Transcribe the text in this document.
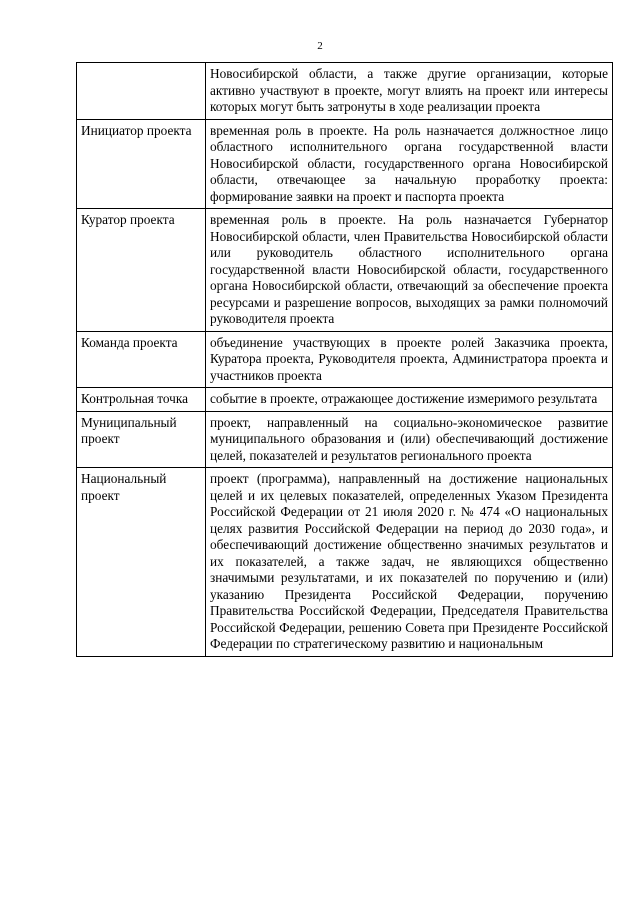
2
	Новосибирской области, а также другие организации, которые активно участвуют в проекте, могут влиять на проект или интересы которых могут быть затронуты в ходе реализации проекта
Инициатор проекта	временная роль в проекте. На роль назначается должностное лицо областного исполнительного органа государственной власти Новосибирской области, государственного органа Новосибирской области, отвечающее за начальную проработку проекта: формирование заявки на проект и паспорта проекта
Куратор проекта	временная роль в проекте. На роль назначается Губернатор Новосибирской области, член Правительства Новосибирской области или руководитель областного исполнительного органа государственной власти Новосибирской области, государственного органа Новосибирской области, отвечающий за обеспечение проекта ресурсами и разрешение вопросов, выходящих за рамки полномочий руководителя проекта
Команда проекта	объединение участвующих в проекте ролей Заказчика проекта, Куратора проекта, Руководителя проекта, Администратора проекта и участников проекта
Контрольная точка	событие в проекте, отражающее достижение измеримого результата
Муниципальный проект	проект, направленный на социально-экономическое развитие муниципального образования и (или) обеспечивающий достижение целей, показателей и результатов регионального проекта
Национальный проект	проект (программа), направленный на достижение национальных целей и их целевых показателей, определенных Указом Президента Российской Федерации от 21 июля 2020 г. № 474 «О национальных целях развития Российской Федерации на период до 2030 года», и обеспечивающий достижение общественно значимых результатов и их показателей, а также задач, не являющихся общественно значимыми результатами, и их показателей по поручению и (или) указанию Президента Российской Федерации, поручению Правительства Российской Федерации, Председателя Правительства Российской Федерации, решению Совета при Президенте Российской Федерации по стратегическому развитию и национальным
